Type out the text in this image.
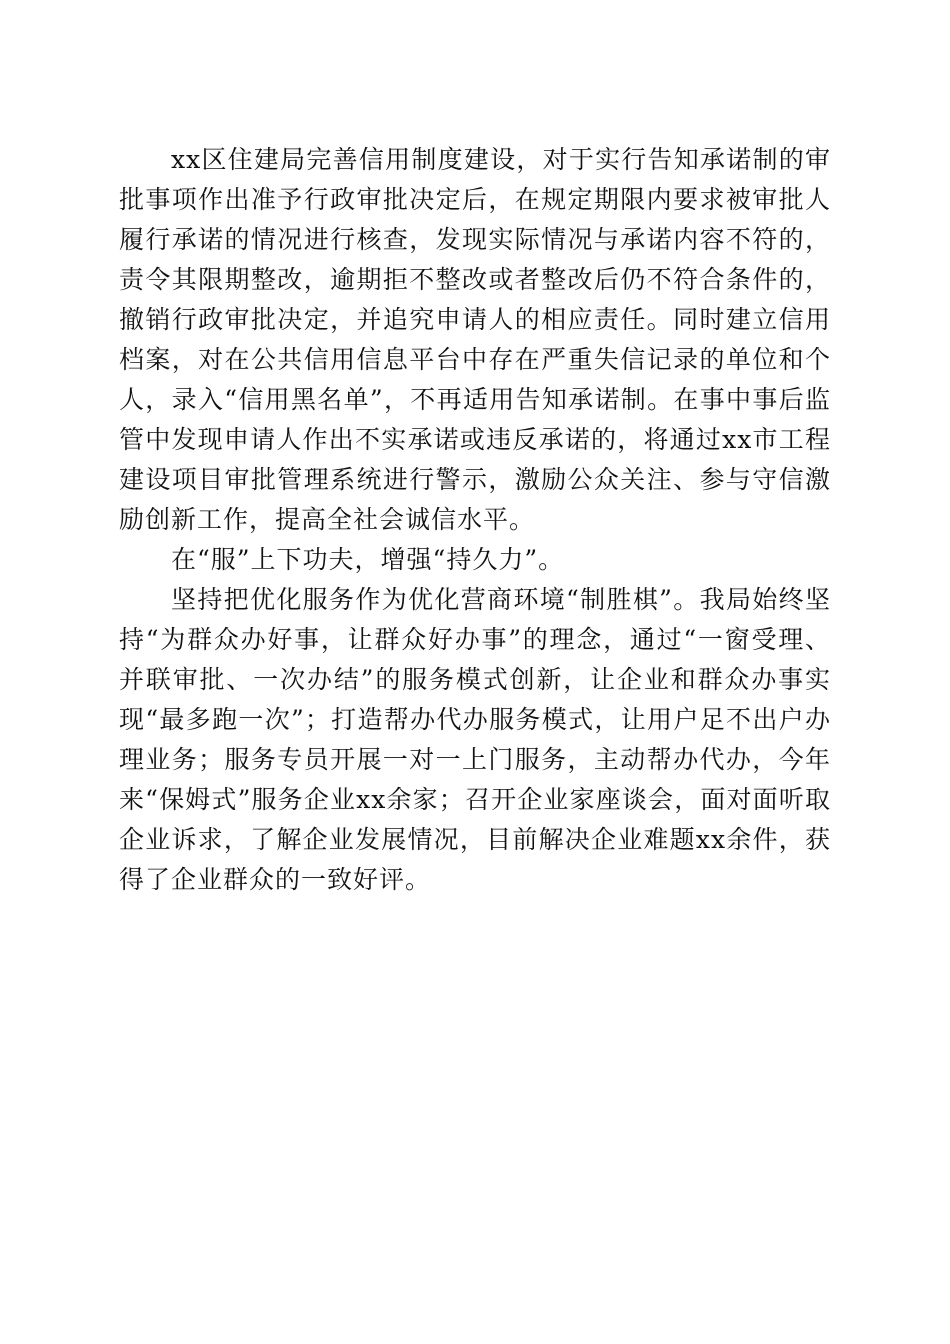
xx区住建局完善信用制度建设，对于实行告知承诺制的审批事项作出准予行政审批决定后，在规定期限内要求被审批人履行承诺的情况进行核查，发现实际情况与承诺内容不符的，责令其限期整改，逾期拒不整改或者整改后仍不符合条件的，撤销行政审批决定，并追究申请人的相应责任。同时建立信用档案，对在公共信用信息平台中存在严重失信记录的单位和个人，录入“信用黑名单”，不再适用告知承诺制。在事中事后监管中发现申请人作出不实承诺或违反承诺的，将通过xx市工程建设项目审批管理系统进行警示，激励公众关注、参与守信激励创新工作，提高全社会诚信水平。

在“服”上下功夫，增强“持久力”。

坚持把优化服务作为优化营商环境“制胜棋”。我局始终坚持“为群众办好事，让群众好办事”的理念，通过“一窗受理、并联审批、一次办结”的服务模式创新，让企业和群众办事实现“最多跑一次”；打造帮办代办服务模式，让用户足不出户办理业务；服务专员开展一对一上门服务，主动帮办代办，今年来“保姆式”服务企业xx余家；召开企业家座谈会，面对面听取企业诉求，了解企业发展情况，目前解决企业难题xx余件，获得了企业群众的一致好评。
